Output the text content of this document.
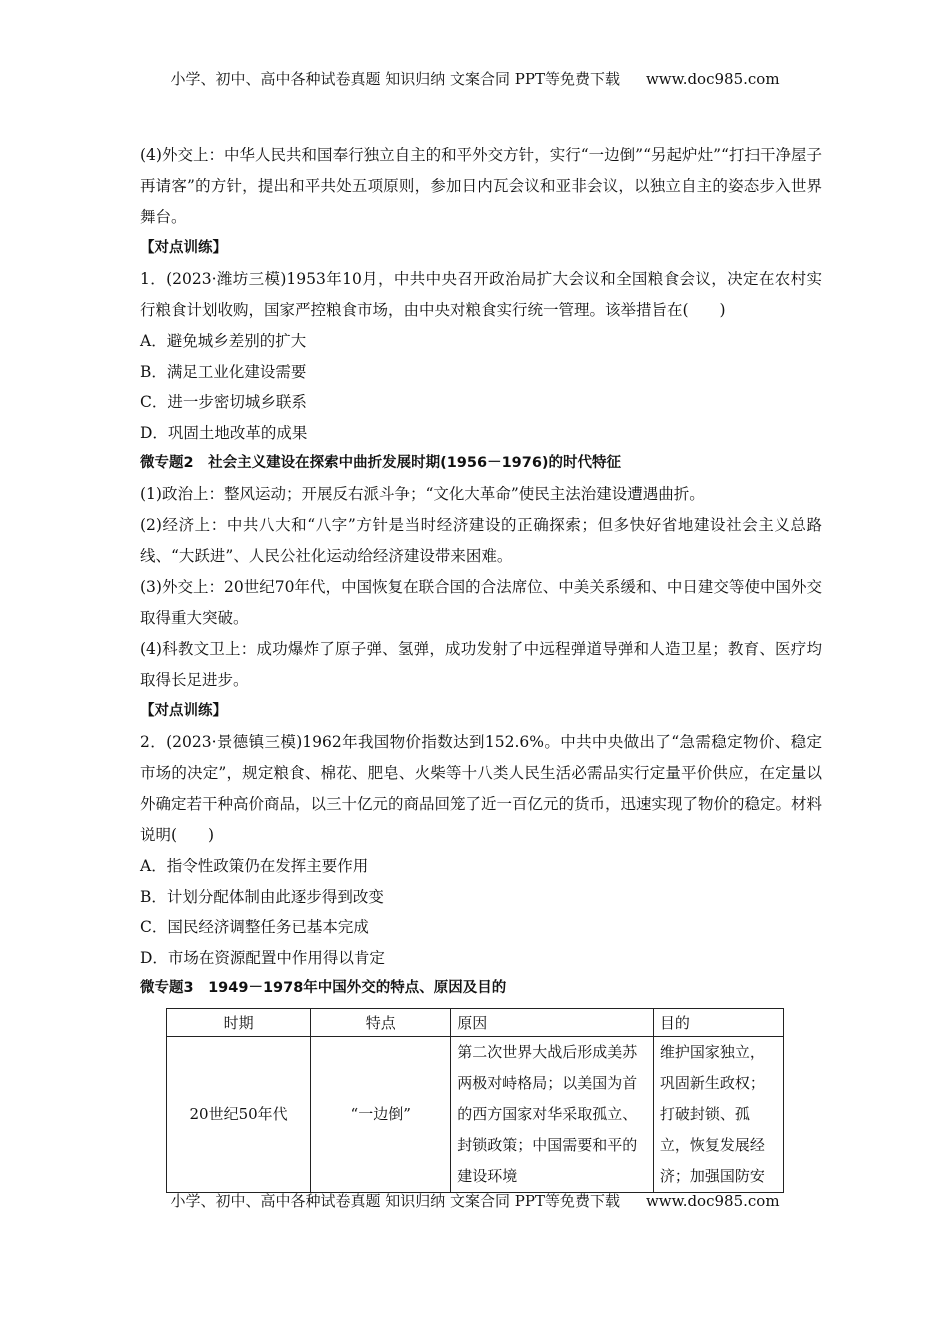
小学、初中、高中各种试卷真题 知识归纳 文案合同 PPT等免费下载 www.doc985.com

(4)外交上：中华人民共和国奉行独立自主的和平外交方针，实行“一边倒”“另起炉灶”“打扫干净屋子再请客”的方针，提出和平共处五项原则，参加日内瓦会议和亚非会议，以独立自主的姿态步入世界舞台。

【对点训练】

1．(2023·潍坊三模)1953年10月，中共中央召开政治局扩大会议和全国粮食会议，决定在农村实行粮食计划收购，国家严控粮食市场，由中央对粮食实行统一管理。该举措旨在(　　)

A．避免城乡差别的扩大

B．满足工业化建设需要

C．进一步密切城乡联系

D．巩固土地改革的成果

微专题2　社会主义建设在探索中曲折发展时期(1956－1976)的时代特征

(1)政治上：整风运动；开展反右派斗争；“文化大革命”使民主法治建设遭遇曲折。

(2)经济上：中共八大和“八字”方针是当时经济建设的正确探索；但多快好省地建设社会主义总路线、“大跃进”、人民公社化运动给经济建设带来困难。

(3)外交上：20世纪70年代，中国恢复在联合国的合法席位、中美关系缓和、中日建交等使中国外交取得重大突破。

(4)科教文卫上：成功爆炸了原子弹、氢弹，成功发射了中远程弹道导弹和人造卫星；教育、医疗均取得长足进步。

【对点训练】

2．(2023·景德镇三模)1962年我国物价指数达到152.6%。中共中央做出了“急需稳定物价、稳定市场的决定”，规定粮食、棉花、肥皂、火柴等十八类人民生活必需品实行定量平价供应，在定量以外确定若干种高价商品，以三十亿元的商品回笼了近一百亿元的货币，迅速实现了物价的稳定。材料说明(　　)

A．指令性政策仍在发挥主要作用

B．计划分配体制由此逐步得到改变

C．国民经济调整任务已基本完成

D．市场在资源配置中作用得以肯定

微专题3　1949－1978年中国外交的特点、原因及目的
时期	特点	原因	目的
20世纪50年代	“一边倒”	第二次世界大战后形成美苏两极对峙格局；以美国为首的西方国家对华采取孤立、封锁政策；中国需要和平的建设环境	维护国家独立，巩固新生政权；打破封锁、孤立，恢复发展经济；加强国防安
小学、初中、高中各种试卷真题 知识归纳 文案合同 PPT等免费下载 www.doc985.com
